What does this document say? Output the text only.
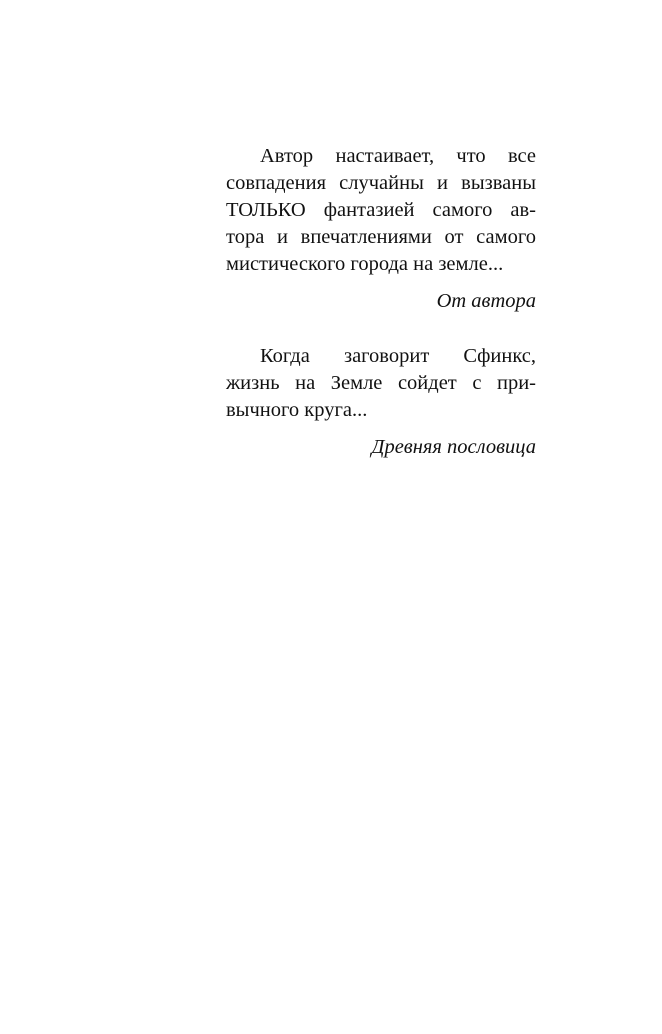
Автор настаивает, что все
совпадения случайны и вызваны
ТОЛЬКО фантазией самого ав-
тора и впечатлениями от самого
мистического города на земле...
От автора
Когда заговорит Сфинкс,
жизнь на Земле сойдет с при-
вычного круга...
Древняя пословица
